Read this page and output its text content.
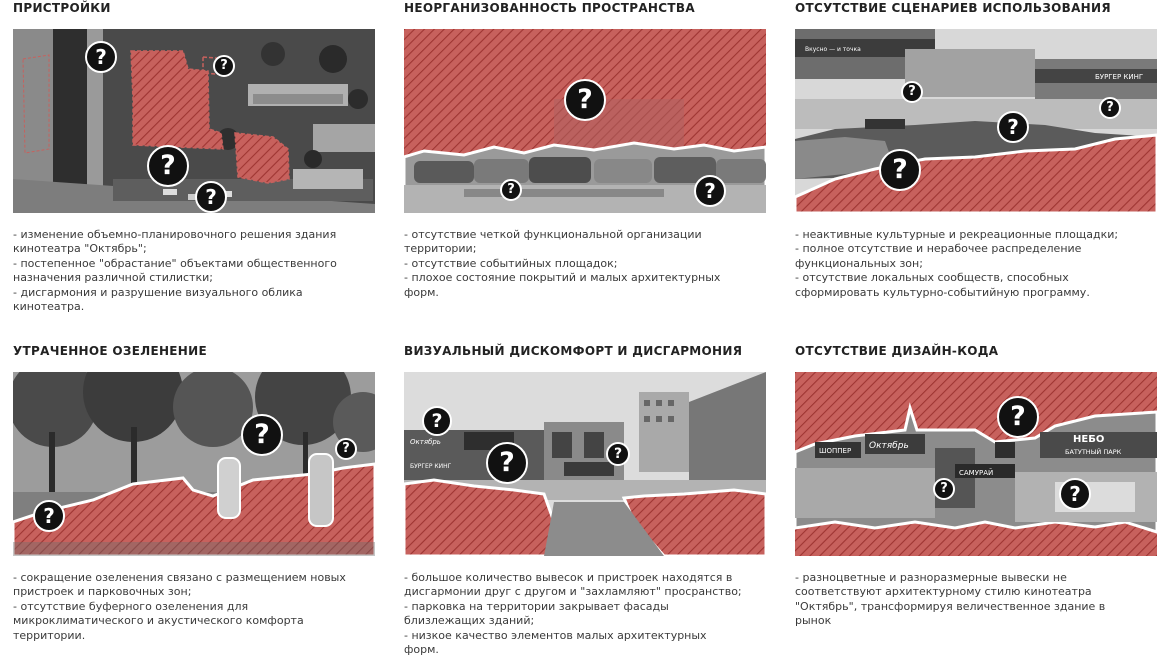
ПРИСТРОЙКИ
?	?
?
?
- изменение объемно-планировочного решения здания
кинотеатра "Октябрь";
- постепенное "обрастание" объектами общественного
назначения различной стилистки;
- дисгармония и разрушение визуального облика
кинотеатра.
НЕОРГАНИЗОВАННОСТЬ ПРОСТРАНСТВА
?
?	?
- отсутствие четкой функциональной организации
территории;
- отсутствие событийных площадок;
- плохое состояние покрытий и малых архитектурных
форм.
ОТСУТСТВИЕ СЦЕНАРИЕВ ИСПОЛЬЗОВАНИЯ
БУРГЕР КИНГ
Вкусно — и точка
?
?
?
?
- неактивные культурные и рекреационные площадки;
- полное отсутствие и нерабочее распределение
функциональных зон;
- отсутствие локальных сообществ, способных
сформировать культурно-событийную программу.
УТРАЧЕННОЕ ОЗЕЛЕНЕНИЕ
?	?
?
- сокращение озеленения связано с размещением новых
пристроек и парковочных зон;
- отсутствие буферного озеленения для
микроклиматического и акустического комфорта
территории.
ВИЗУАЛЬНЫЙ ДИСКОМФОРТ И ДИСГАРМОНИЯ
Октябрь
БУРГЕР КИНГ
?
?	?
- большое количество вывесок и пристроек находятся в
дисгармонии друг с другом и "захламляют" просранство;
- парковка на территории закрывает фасады
близлежащих зданий;
- низкое качество элементов малых архитектурных
форм.
ОТСУТСТВИЕ ДИЗАЙН-КОДА
ШОППЕР Октябрь
САМУРАЙ
НЕБО
БАТУТНЫЙ ПАРК
?
?	?
- разноцветные и разноразмерные вывески не
соответствуют архитектурному стилю кинотеатра
"Октябрь", трансформируя величественное здание в
рынок
